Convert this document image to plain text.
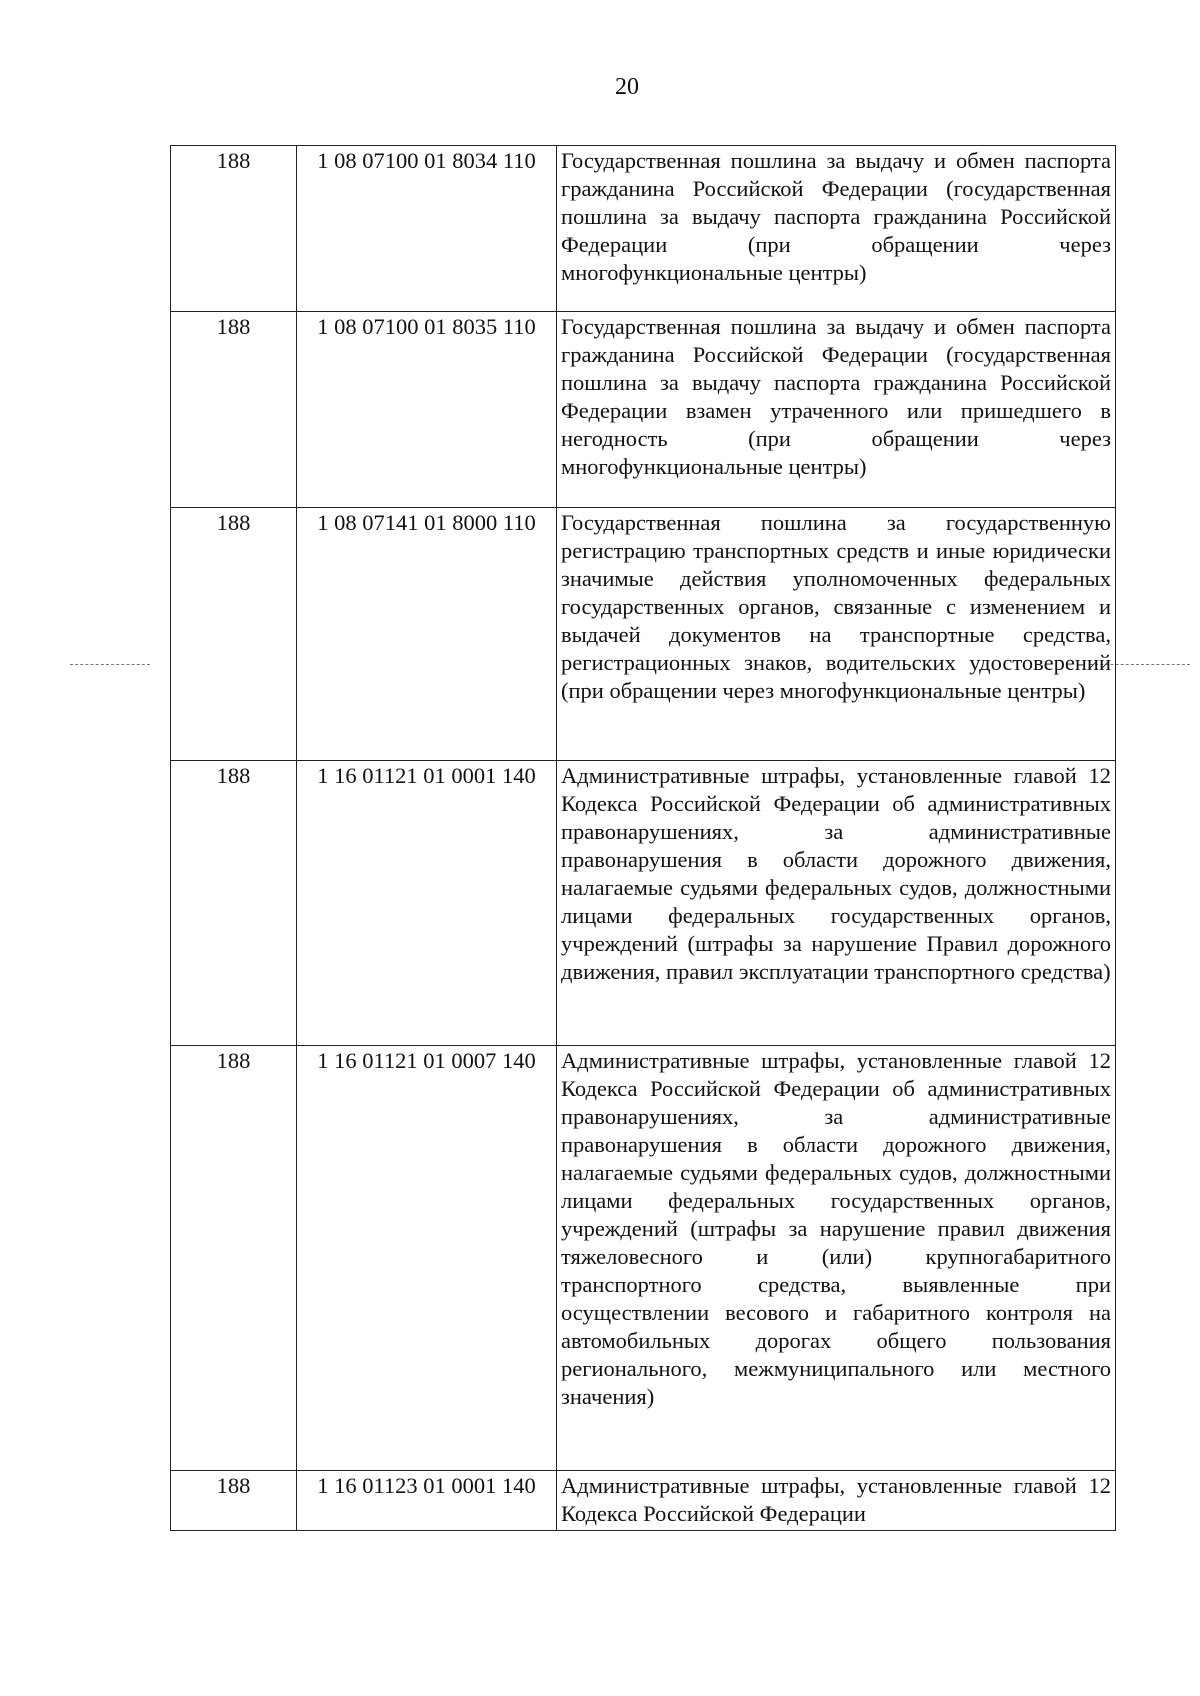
20
188	1 08 07100 01 8034 110	Государственная пошлина за выдачу и обмен паспорта гражданина Российской Федерации (государственная пошлина за выдачу паспорта гражданина Российской Федерации (при обращении через многофункциональные центры)
188	1 08 07100 01 8035 110	Государственная пошлина за выдачу и обмен паспорта гражданина Российской Федерации (государственная пошлина за выдачу паспорта гражданина Российской Федерации взамен утраченного или пришедшего в негодность (при обращении через многофункциональные центры)
188	1 08 07141 01 8000 110	Государственная пошлина за государственную регистрацию транспортных средств и иные юридически значимые действия уполномоченных федеральных государственных органов, связанные с изменением и выдачей документов на транспортные средства, регистрационных знаков, водительских удостоверений (при обращении через многофункциональные центры)
188	1 16 01121 01 0001 140	Административные штрафы, установленные главой 12 Кодекса Российской Федерации об административных правонарушениях, за административные правонарушения в области дорожного движения, налагаемые судьями федеральных судов, должностными лицами федеральных государственных органов, учреждений (штрафы за нарушение Правил дорожного движения, правил эксплуатации транспортного средства)
188	1 16 01121 01 0007 140	Административные штрафы, установленные главой 12 Кодекса Российской Федерации об административных правонарушениях, за административные правонарушения в области дорожного движения, налагаемые судьями федеральных судов, должностными лицами федеральных государственных органов, учреждений (штрафы за нарушение правил движения тяжеловесного и (или) крупногабаритного транспортного средства, выявленные при осуществлении весового и габаритного контроля на автомобильных дорогах общего пользования регионального, межмуниципального или местного значения)
188	1 16 01123 01 0001 140	Административные штрафы, установленные главой 12 Кодекса Российской Федерации
